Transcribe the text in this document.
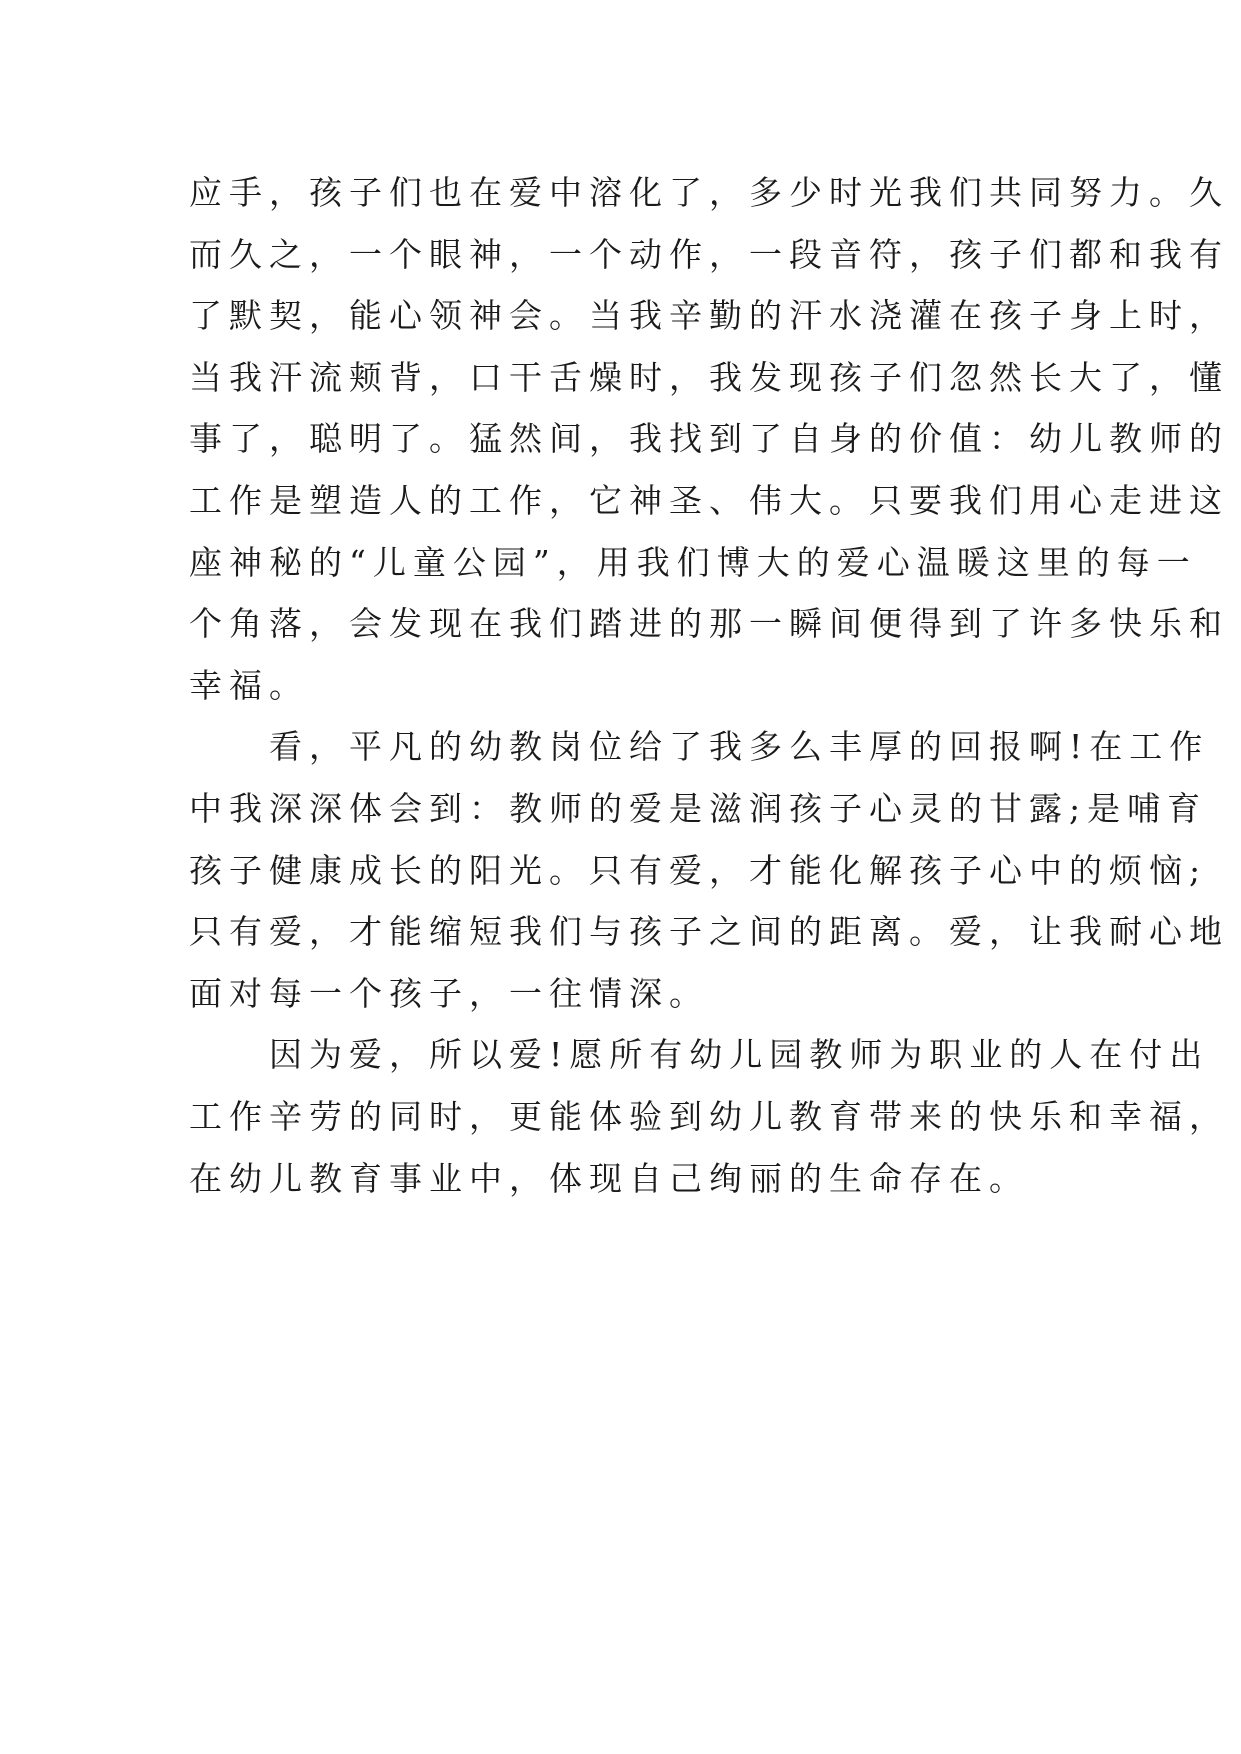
应手，孩子们也在爱中溶化了，多少时光我们共同努力。久
而久之，一个眼神，一个动作，一段音符，孩子们都和我有
了默契，能心领神会。当我辛勤的汗水浇灌在孩子身上时，
当我汗流颊背，口干舌燥时，我发现孩子们忽然长大了，懂
事了，聪明了。猛然间，我找到了自身的价值：幼儿教师的
工作是塑造人的工作，它神圣、伟大。只要我们用心走进这
座神秘的“儿童公园”，用我们博大的爱心温暖这里的每一
个角落，会发现在我们踏进的那一瞬间便得到了许多快乐和
幸福。
　　看，平凡的幼教岗位给了我多么丰厚的回报啊!在工作
中我深深体会到：教师的爱是滋润孩子心灵的甘露;是哺育
孩子健康成长的阳光。只有爱，才能化解孩子心中的烦恼;
只有爱，才能缩短我们与孩子之间的距离。爱，让我耐心地
面对每一个孩子，一往情深。
　　因为爱，所以爱!愿所有幼儿园教师为职业的人在付出
工作辛劳的同时，更能体验到幼儿教育带来的快乐和幸福，
在幼儿教育事业中，体现自己绚丽的生命存在。
